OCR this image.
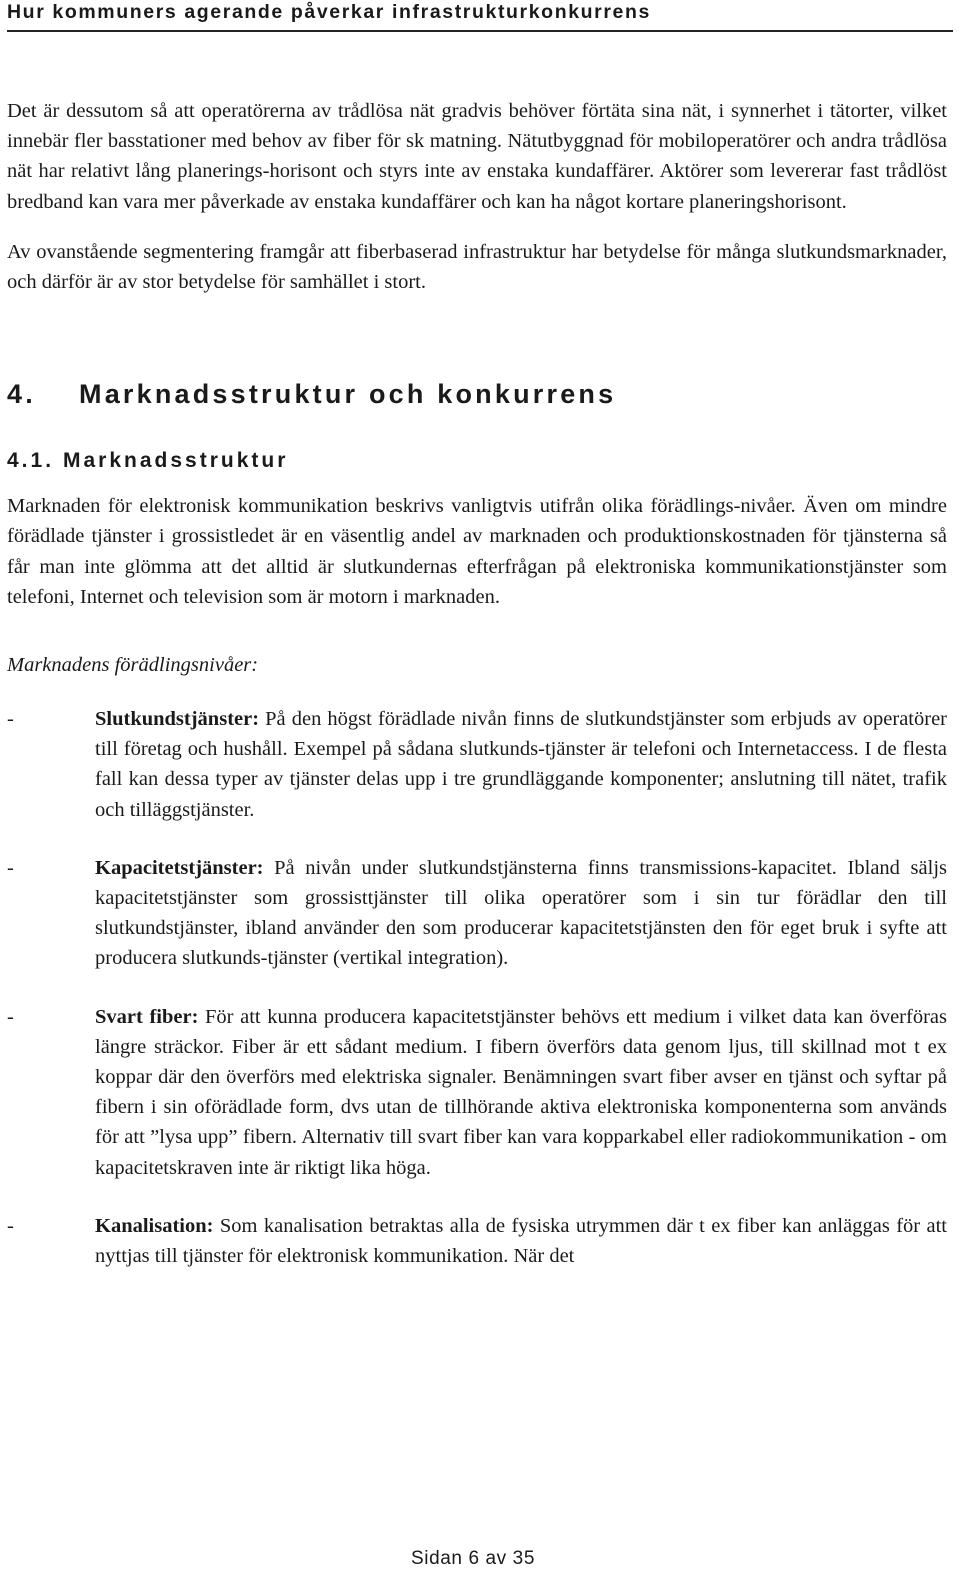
Hur kommuners agerande påverkar infrastrukturkonkurrens

Det är dessutom så att operatörerna av trådlösa nät gradvis behöver förtäta sina nät, i synnerhet i tätorter, vilket innebär fler basstationer med behov av fiber för sk matning. Nätutbyggnad för mobiloperatörer och andra trådlösa nät har relativt lång planerings-horisont och styrs inte av enstaka kundaffärer. Aktörer som levererar fast trådlöst bredband kan vara mer påverkade av enstaka kundaffärer och kan ha något kortare planeringshorisont.

Av ovanstående segmentering framgår att fiberbaserad infrastruktur har betydelse för många slutkundsmarknader, och därför är av stor betydelse för samhället i stort.

4. Marknadsstruktur och konkurrens
4.1. Marknadsstruktur

Marknaden för elektronisk kommunikation beskrivs vanligtvis utifrån olika förädlings-nivåer. Även om mindre förädlade tjänster i grossistledet är en väsentlig andel av marknaden och produktionskostnaden för tjänsterna så får man inte glömma att det alltid är slutkundernas efterfrågan på elektroniska kommunikationstjänster som telefoni, Internet och television som är motorn i marknaden.

Marknadens förädlingsnivåer:

-	Slutkundstjänster: På den högst förädlade nivån finns de slutkundstjänster som erbjuds av operatörer till företag och hushåll. Exempel på sådana slutkunds-tjänster är telefoni och Internetaccess. I de flesta fall kan dessa typer av tjänster delas upp i tre grundläggande komponenter; anslutning till nätet, trafik och tilläggstjänster.
-	Kapacitetstjänster: På nivån under slutkundstjänsterna finns transmissions-kapacitet. Ibland säljs kapacitetstjänster som grossisttjänster till olika operatörer som i sin tur förädlar den till slutkundstjänster, ibland använder den som producerar kapacitetstjänsten den för eget bruk i syfte att producera slutkunds-tjänster (vertikal integration).
-	Svart fiber: För att kunna producera kapacitetstjänster behövs ett medium i vilket data kan överföras längre sträckor. Fiber är ett sådant medium. I fibern överförs data genom ljus, till skillnad mot t ex koppar där den överförs med elektriska signaler. Benämningen svart fiber avser en tjänst och syftar på fibern i sin oförädlade form, dvs utan de tillhörande aktiva elektroniska komponenterna som används för att ”lysa upp” fibern. Alternativ till svart fiber kan vara kopparkabel eller radiokommunikation - om kapacitetskraven inte är riktigt lika höga.
-	Kanalisation: Som kanalisation betraktas alla de fysiska utrymmen där t ex fiber kan anläggas för att nyttjas till tjänster för elektronisk kommunikation. När det
Sidan 6 av 35
